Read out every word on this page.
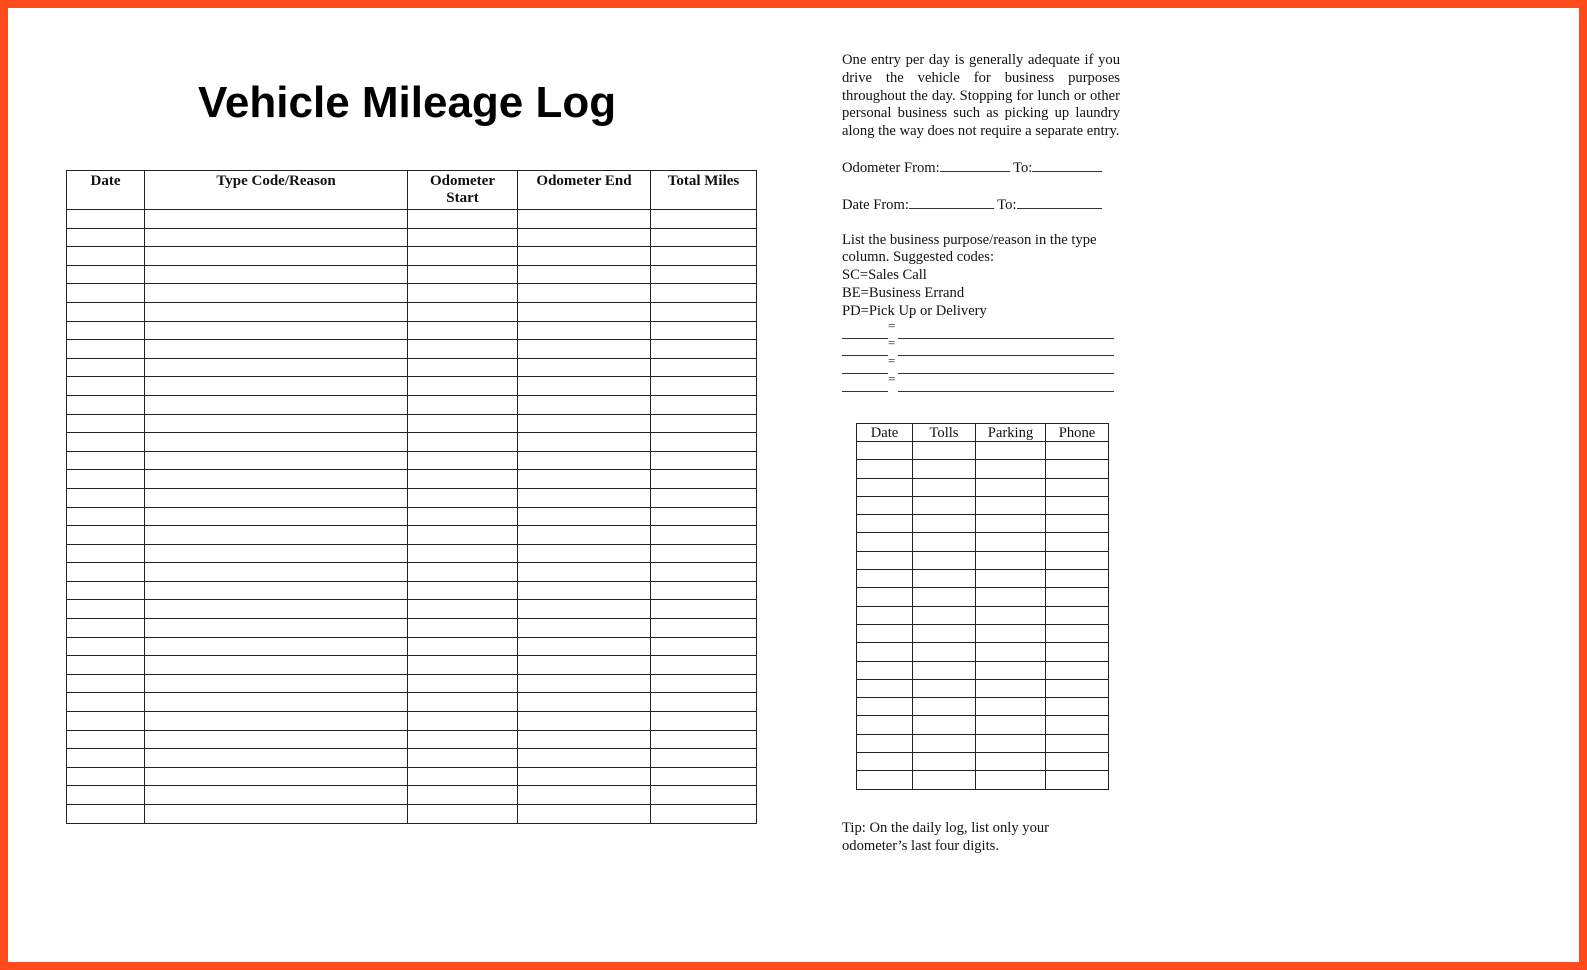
Vehicle Mileage Log
Date	Type Code/Reason	Odometer Start	Odometer End	Total Miles

One entry per day is generally adequate if you drive the vehicle for business purposes throughout the day. Stopping for lunch or other personal business such as picking up laundry along the way does not require a separate entry.

Odometer From:	To:

Date From:	To:

List the business purpose/reason in the type column. Suggested codes:

SC=Sales Call

BE=Business Errand

PD=Pick Up or Delivery

=
=
=
=
Date	Tolls	Parking	Phone

Tip: On the daily log, list only your odometer’s last four digits.
